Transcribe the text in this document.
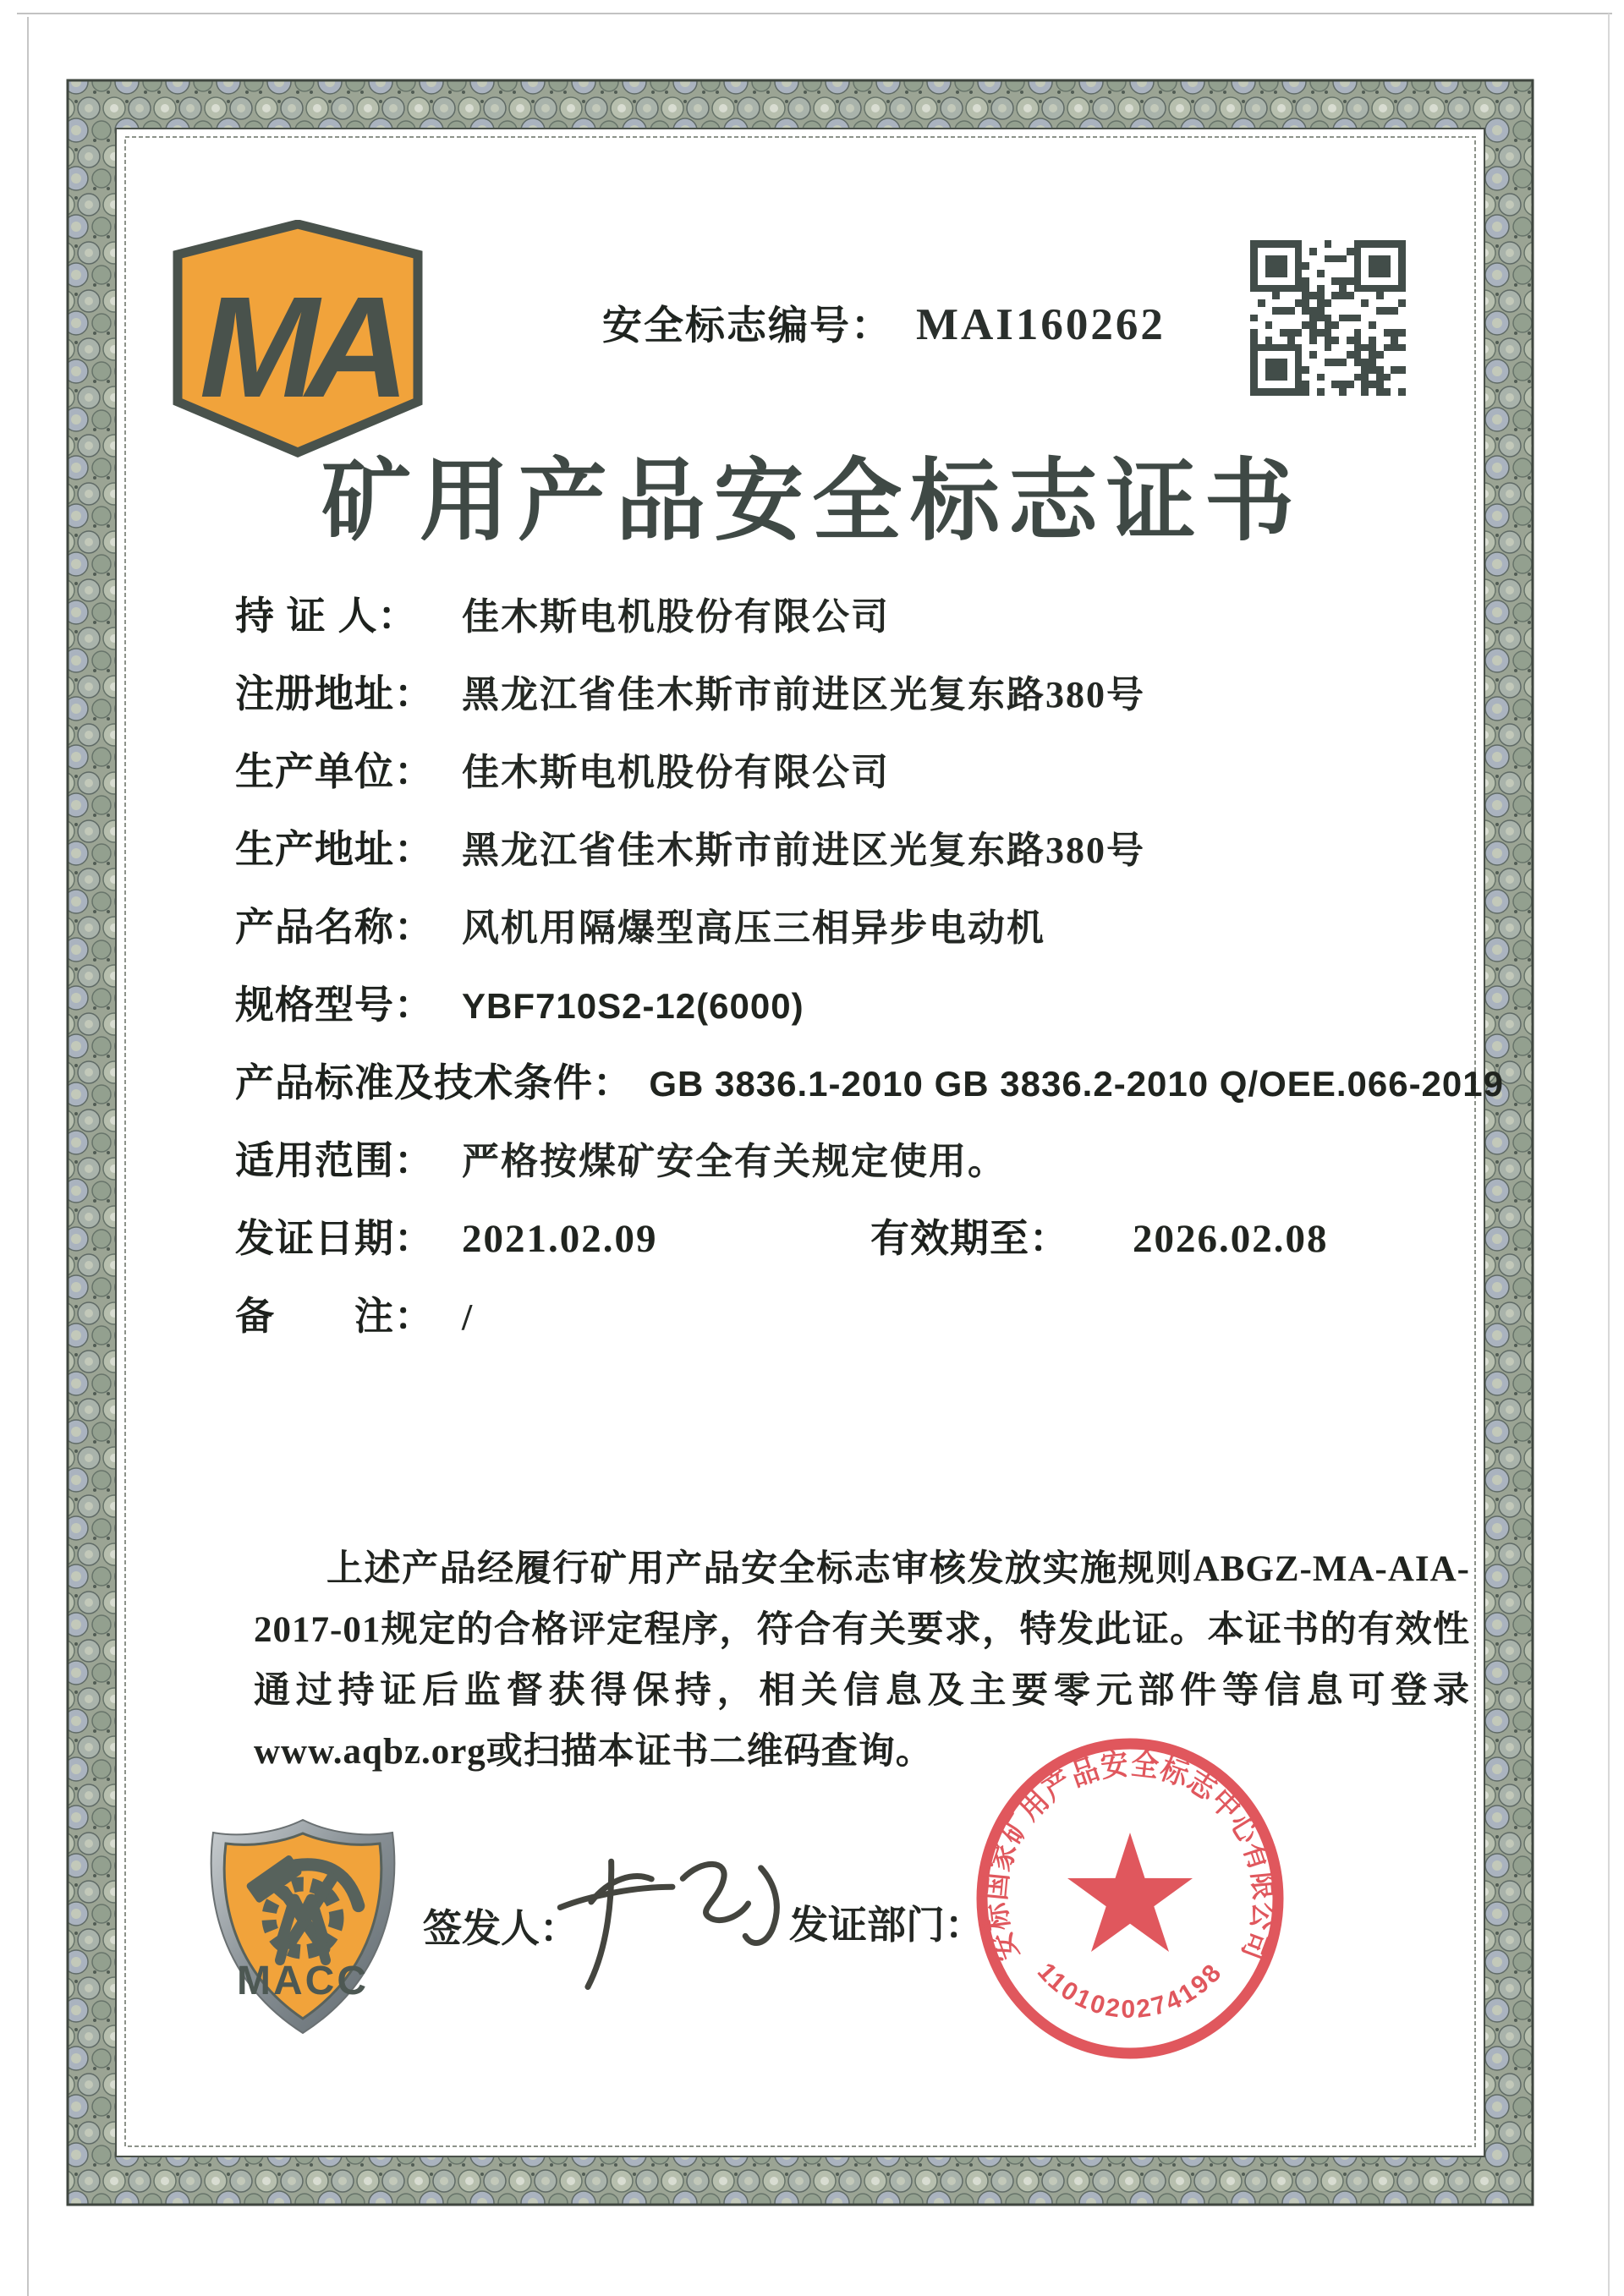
MA	安全标志编号： MAI160262
矿用产品安全标志证书
持 证 人：	佳木斯电机股份有限公司
注册地址： 黑龙江省佳木斯市前进区光复东路380号
生产单位： 佳木斯电机股份有限公司
生产地址： 黑龙江省佳木斯市前进区光复东路380号
产品名称： 风机用隔爆型高压三相异步电动机
规格型号： YBF710S2-12(6000)
产品标准及技术条件： GB 3836.1-2010 GB 3836.2-2010 Q/OEE.066-2019
适用范围： 严格按煤矿安全有关规定使用。
发证日期： 2021.02.09	有效期至：	2026.02.08
备　　注： /

上述产品经履行矿用产品安全标志审核发放实施规则ABGZ-MA-AIA-2017-01规定的合格评定程序，符合有关要求，特发此证。本证书的有效性通过持证后监督获得保持，相关信息及主要零元部件等信息可登录www.aqbz.org或扫描本证书二维码查询。

MACC
签发人：	发证部门：
安标国家矿用产品安全标志中心有限公司
1101020274198
